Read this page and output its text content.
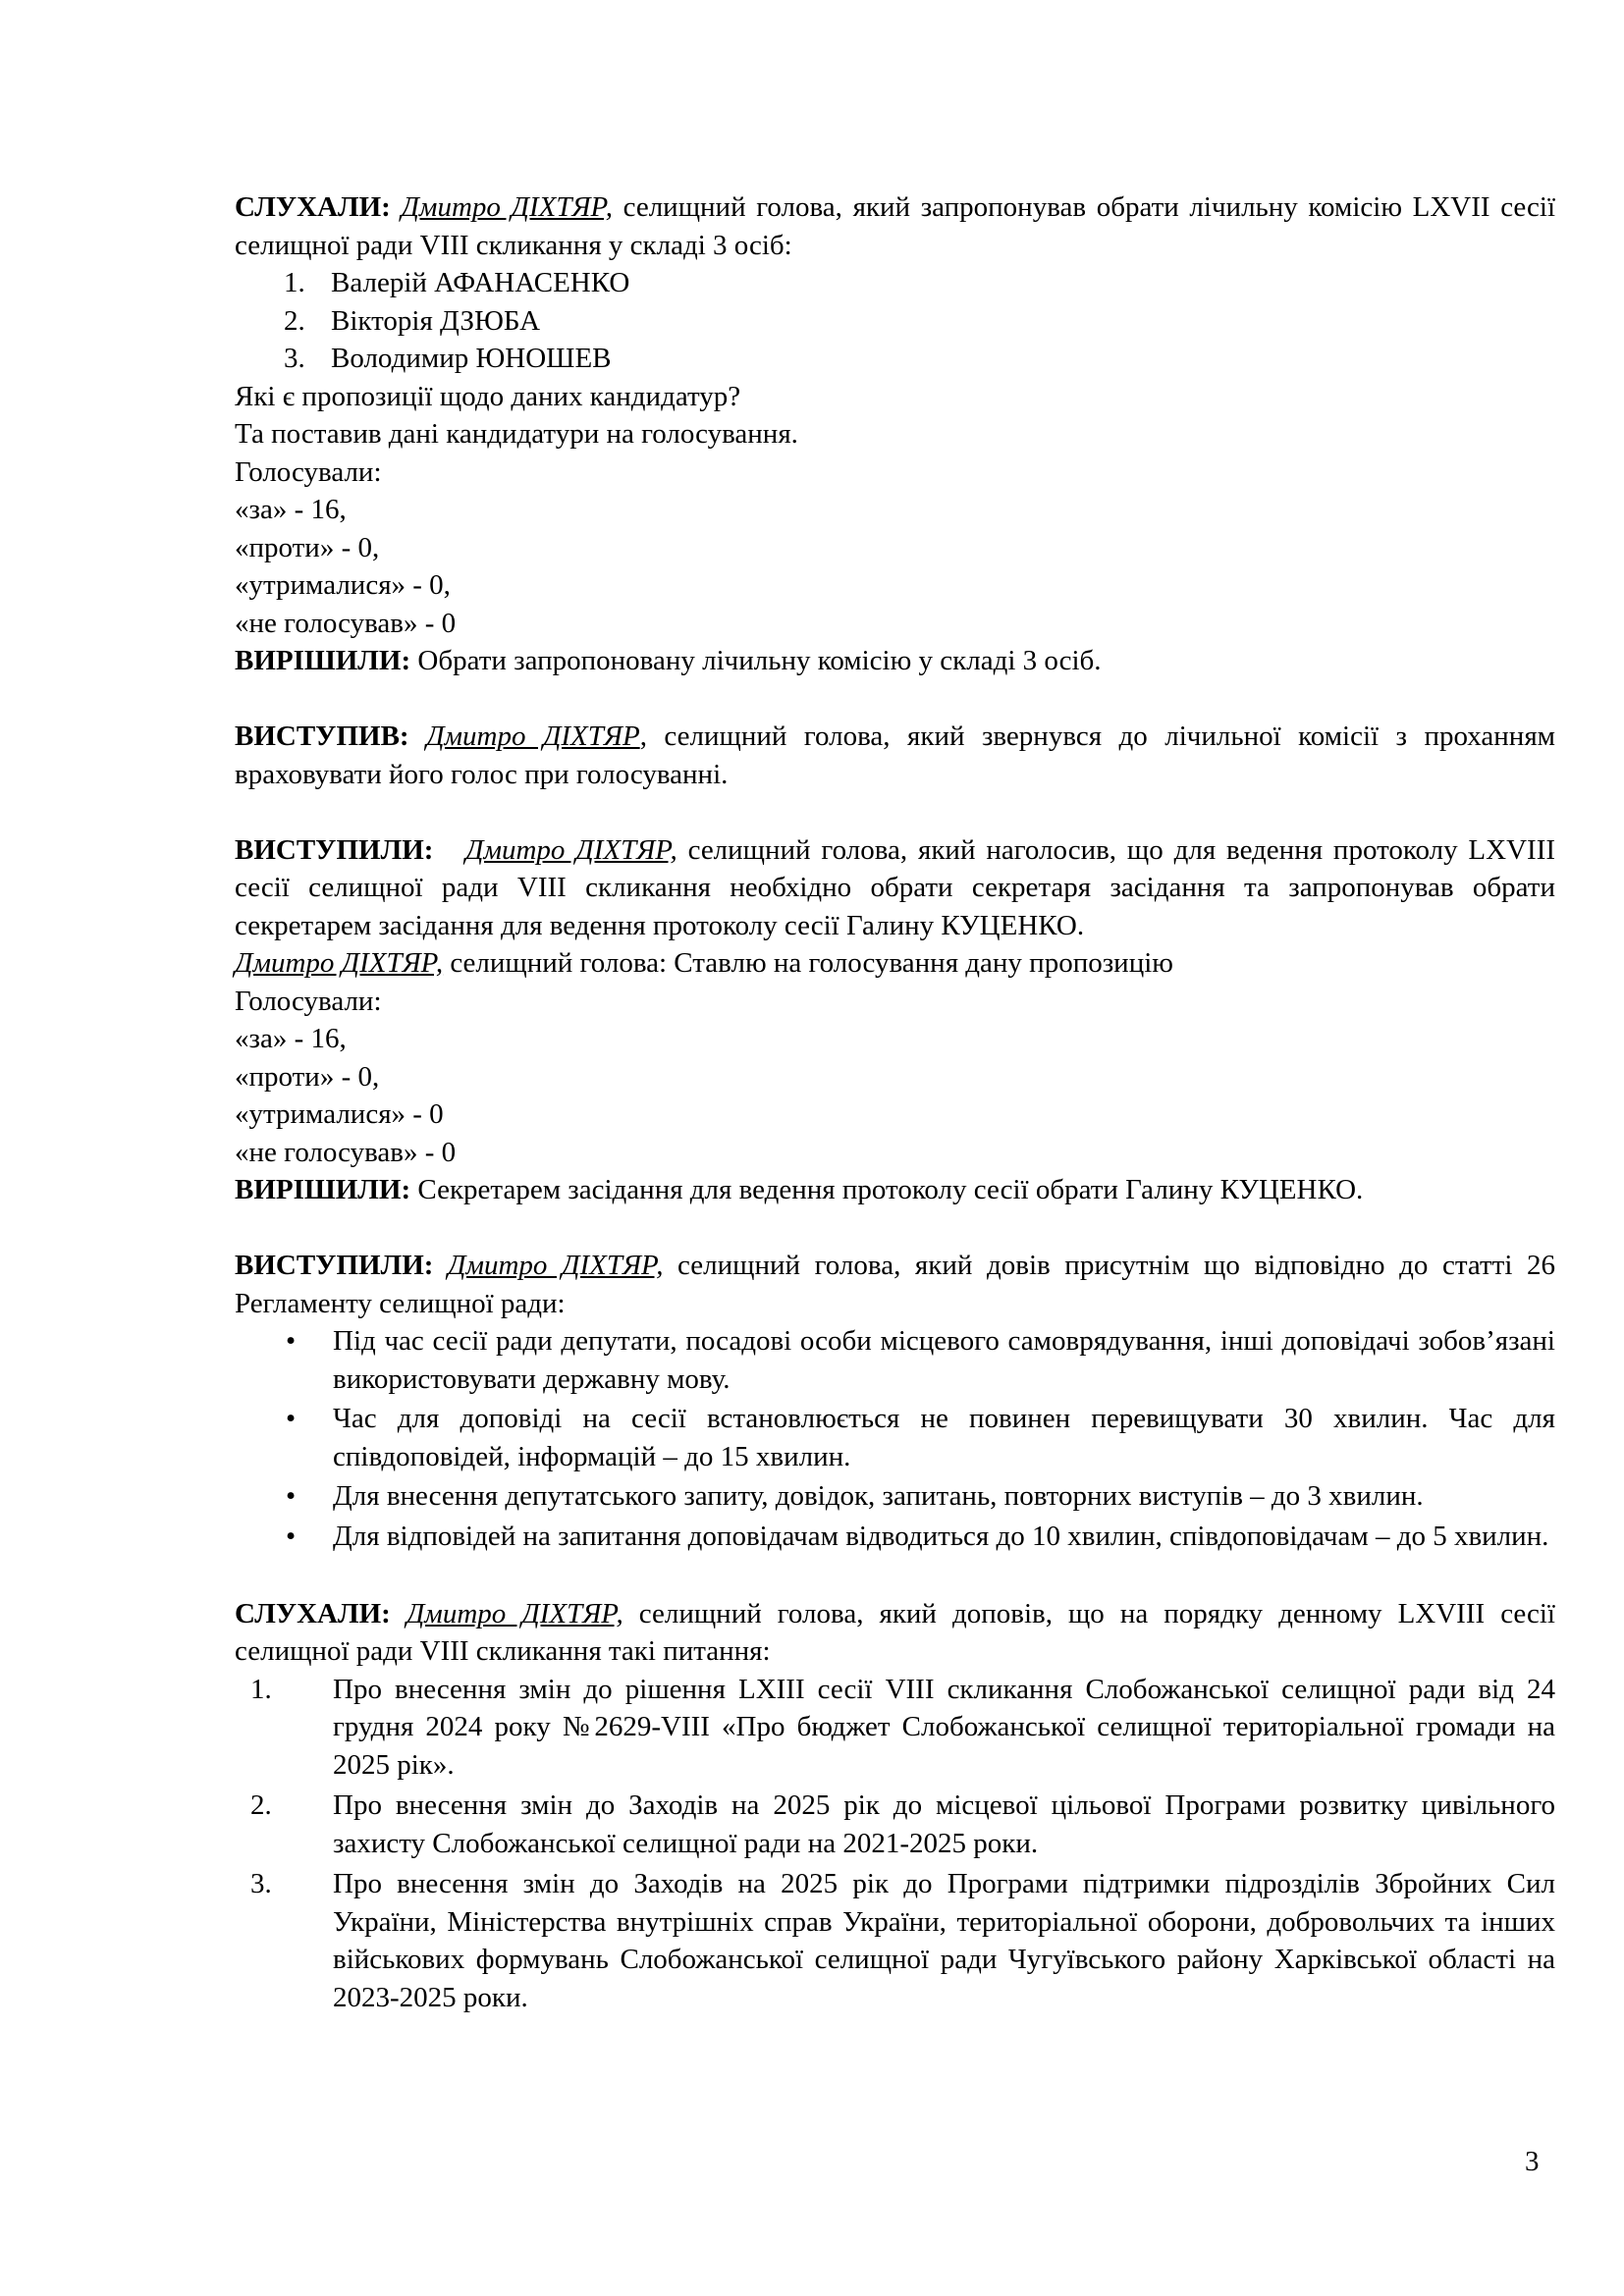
СЛУХАЛИ: Дмитро ДІХТЯР, селищний голова, який запропонував обрати лічильну комісію LXVII сесії селищної ради VIII скликання у складі 3 осіб:

1. Валерій АФАНАСЕНКО
2. Вікторія ДЗЮБА
3. Володимир ЮНОШЕВ

Які є пропозиції щодо даних кандидатур?

Та поставив дані кандидатури на голосування.

Голосували:

«за» - 16,

«проти» - 0,

«утрималися» - 0,

«не голосував» - 0

ВИРІШИЛИ: Обрати запропоновану лічильну комісію у складі 3 осіб.

ВИСТУПИВ: Дмитро ДІХТЯР, селищний голова, який звернувся до лічильної комісії з проханням враховувати його голос при голосуванні.

ВИСТУПИЛИ: Дмитро ДІХТЯР, селищний голова, який наголосив, що для ведення протоколу LXVIII сесії селищної ради VIII скликання необхідно обрати секретаря засідання та запропонував обрати секретарем засідання для ведення протоколу сесії Галину КУЦЕНКО.

Дмитро ДІХТЯР, селищний голова: Ставлю на голосування дану пропозицію

Голосували:

«за» - 16,

«проти» - 0,

«утрималися» - 0

«не голосував» - 0

ВИРІШИЛИ: Секретарем засідання для ведення протоколу сесії обрати Галину КУЦЕНКО.

ВИСТУПИЛИ: Дмитро ДІХТЯР, селищний голова, який довів присутнім що відповідно до статті 26 Регламенту селищної ради:

• Під час сесії ради депутати, посадові особи місцевого самоврядування, інші доповідачі зобов’язані використовувати державну мову.
• Час для доповіді на сесії встановлюється не повинен перевищувати 30 хвилин. Час для співдоповідей, інформацій – до 15 хвилин.
• Для внесення депутатського запиту, довідок, запитань, повторних виступів – до 3 хвилин.
• Для відповідей на запитання доповідачам відводиться до 10 хвилин, співдоповідачам – до 5 хвилин.

СЛУХАЛИ: Дмитро ДІХТЯР, селищний голова, який доповів, що на порядку денному LXVIII сесії селищної ради VIII скликання такі питання:

1. Про внесення змін до рішення LXIII сесії VIII скликання Слобожанської селищної ради від 24 грудня 2024 року №2629-VIII «Про бюджет Слобожанської селищної територіальної громади на 2025 рік».
2. Про внесення змін до Заходів на 2025 рік до місцевої цільової Програми розвитку цивільного захисту Слобожанської селищної ради на 2021-2025 роки.
3. Про внесення змін до Заходів на 2025 рік до Програми підтримки підрозділів Збройних Сил України, Міністерства внутрішніх справ України, територіальної оборони, добровольчих та інших військових формувань Слобожанської селищної ради Чугуївського району Харківської області на 2023-2025 роки.
3
